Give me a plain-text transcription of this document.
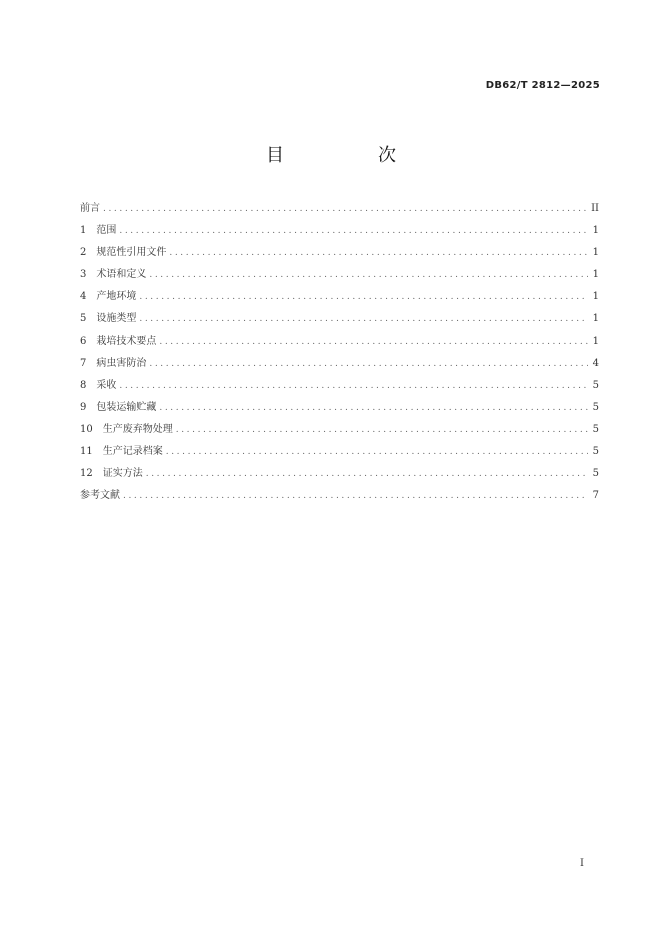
DB62/T 2812—2025
目　次
前言 .....	II
1 范围 .....	1
2 规范性引用文件 .....	1
3 术语和定义 .....	1
4 产地环境 .....	1
5 设施类型 .....	1
6 栽培技术要点 .....	1
7 病虫害防治 .....	4
8 采收 .....	5
9 包装运输贮藏 .....	5
10 生产废弃物处理 .....	5
11 生产记录档案 .....	5
12 证实方法 .....	5
参考文献 .....	7
I
